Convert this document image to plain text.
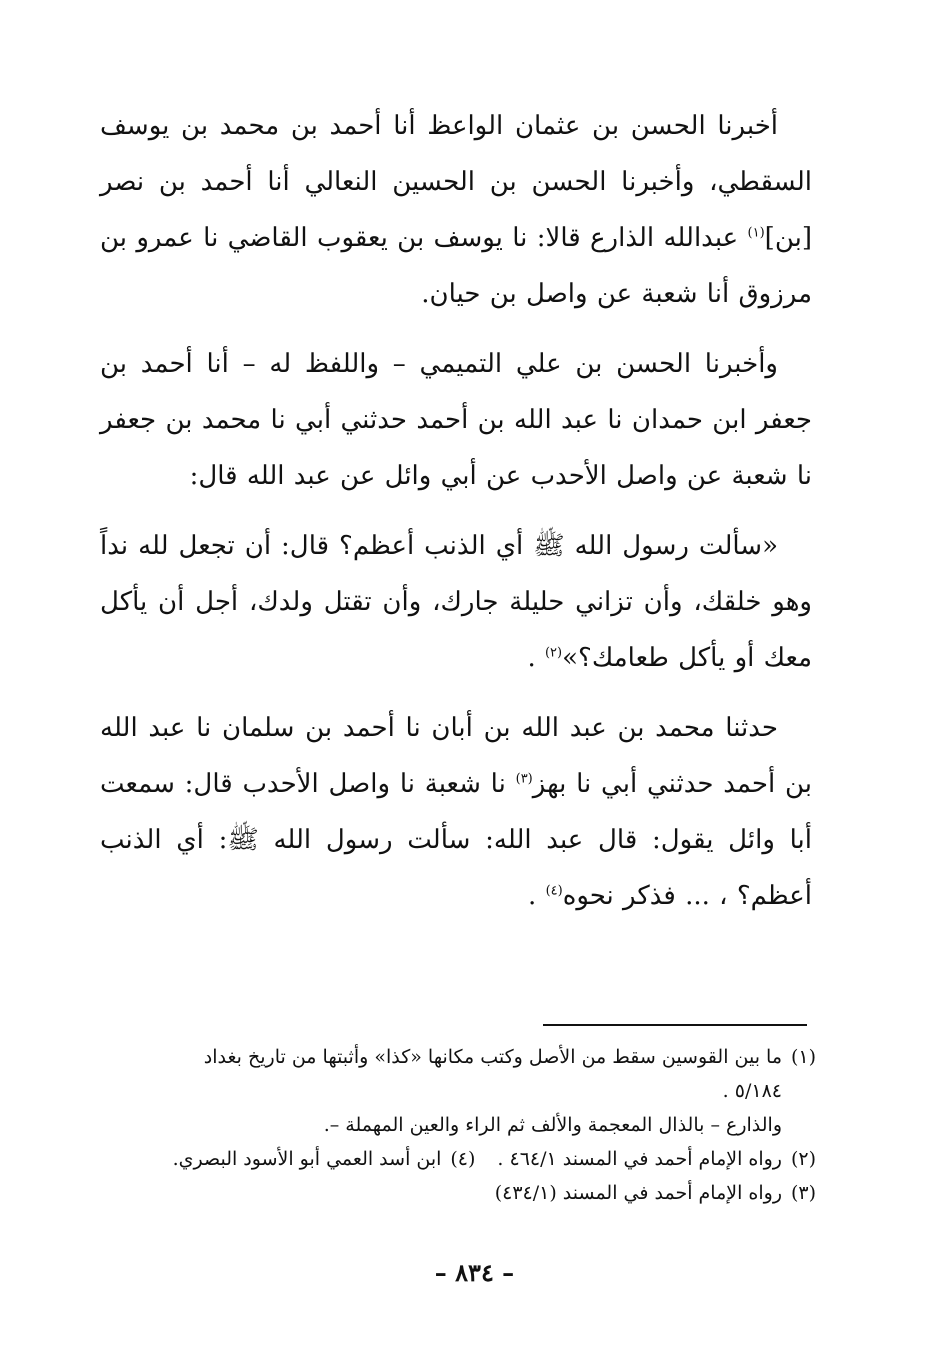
أخبرنا الحسن بن عثمان الواعظ أنا أحمد بن محمد بن يوسف السقطي، وأخبرنا الحسن بن الحسين النعالي أنا أحمد بن نصر [بن]$^{(١)}$ عبدالله الذارع قالا: نا يوسف بن يعقوب القاضي نا عمرو بن مرزوق أنا شعبة عن واصل بن حيان.

وأخبرنا الحسن بن علي التميمي – واللفظ له – أنا أحمد بن جعفر ابن حمدان نا عبد الله بن أحمد حدثني أبي نا محمد بن جعفر نا شعبة عن واصل الأحدب عن أبي وائل عن عبد الله قال:

«سألت رسول الله ﷺ أي الذنب أعظم؟ قال: أن تجعل لله نداً وهو خلقك، وأن تزاني حليلة جارك، وأن تقتل ولدك، أجل أن يأكل معك أو يأكل طعامك؟»$^{(٢)}$ .

حدثنا محمد بن عبد الله بن أبان نا أحمد بن سلمان نا عبد الله بن أحمد حدثني أبي نا بهز$^{(٣)}$ نا شعبة نا واصل الأحدب قال: سمعت أبا وائل يقول: قال عبد الله: سألت رسول الله ﷺ: أي الذنب أعظم؟ ، ... فذكر نحوه$^{(٤)}$ .

(١)ما بين القوسين سقط من الأصل وكتب مكانها «كذا» وأثبتها من تاريخ بغداد

٥/١٨٤ .

والذارع – بالذال المعجمة والألف ثم الراء والعين المهملة –.

(٢)رواه الإمام أحمد في المسند ٤٦٤/١ .(٤)ابن أسد العمي أبو الأسود البصري.

(٣)رواه الإمام أحمد في المسند (٤٣٤/١)

– ٨٣٤ –
